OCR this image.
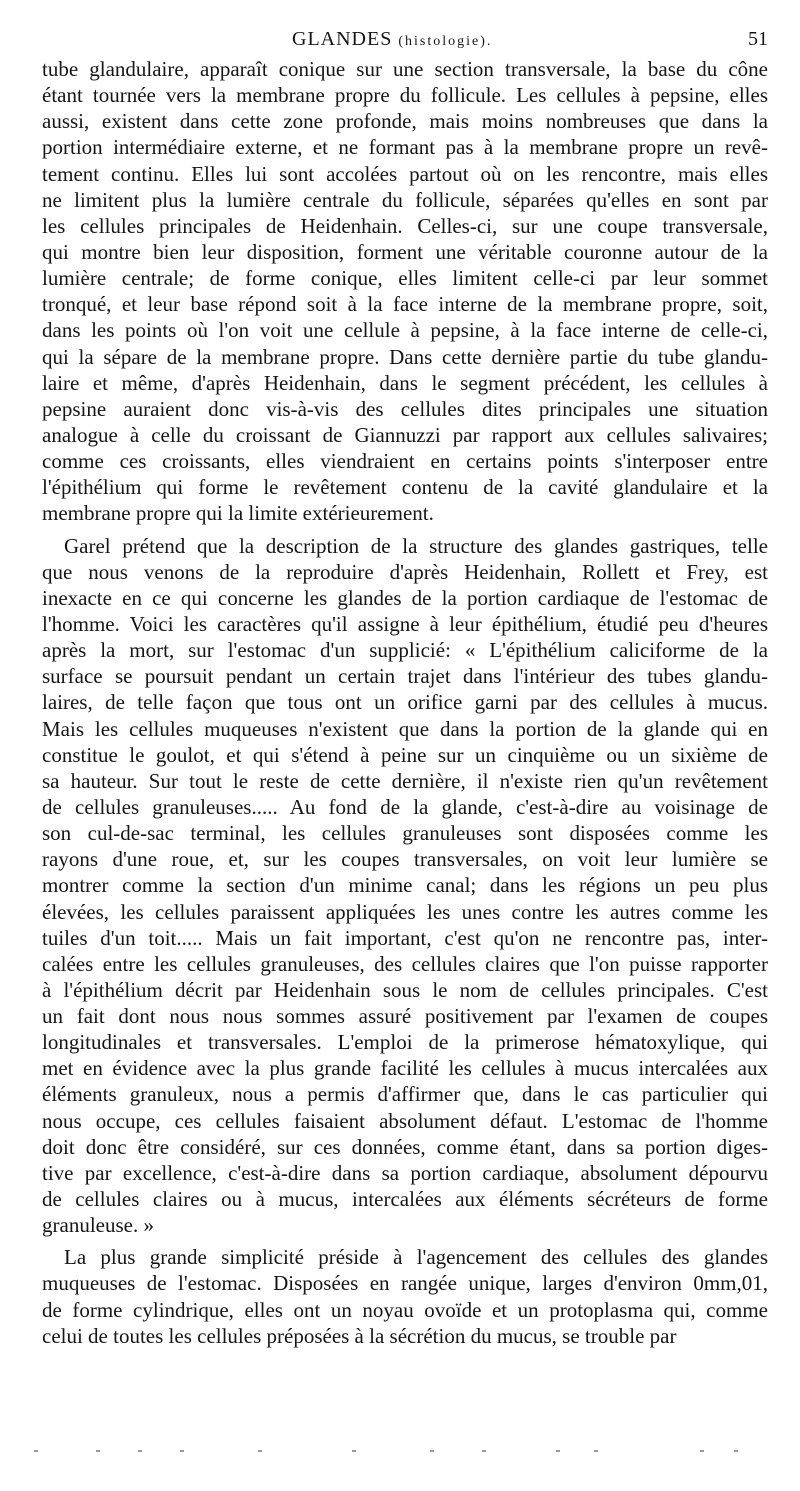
GLANDES (histologie).	51
tube glandulaire, apparaît conique sur une section transversale, la base du cône
étant tournée vers la membrane propre du follicule. Les cellules à pepsine, elles
aussi, existent dans cette zone profonde, mais moins nombreuses que dans la
portion intermédiaire externe, et ne formant pas à la membrane propre un revê-
tement continu. Elles lui sont accolées partout où on les rencontre, mais elles
ne limitent plus la lumière centrale du follicule, séparées qu'elles en sont par
les cellules principales de Heidenhain. Celles-ci, sur une coupe transversale,
qui montre bien leur disposition, forment une véritable couronne autour de la
lumière centrale; de forme conique, elles limitent celle-ci par leur sommet
tronqué, et leur base répond soit à la face interne de la membrane propre, soit,
dans les points où l'on voit une cellule à pepsine, à la face interne de celle-ci,
qui la sépare de la membrane propre. Dans cette dernière partie du tube glandu-
laire et même, d'après Heidenhain, dans le segment précédent, les cellules à
pepsine auraient donc vis-à-vis des cellules dites principales une situation
analogue à celle du croissant de Giannuzzi par rapport aux cellules salivaires;
comme ces croissants, elles viendraient en certains points s'interposer entre
l'épithélium qui forme le revêtement contenu de la cavité glandulaire et la
membrane propre qui la limite extérieurement.
Garel prétend que la description de la structure des glandes gastriques, telle
que nous venons de la reproduire d'après Heidenhain, Rollett et Frey, est
inexacte en ce qui concerne les glandes de la portion cardiaque de l'estomac de
l'homme. Voici les caractères qu'il assigne à leur épithélium, étudié peu d'heures
après la mort, sur l'estomac d'un supplicié: « L'épithélium caliciforme de la
surface se poursuit pendant un certain trajet dans l'intérieur des tubes glandu-
laires, de telle façon que tous ont un orifice garni par des cellules à mucus.
Mais les cellules muqueuses n'existent que dans la portion de la glande qui en
constitue le goulot, et qui s'étend à peine sur un cinquième ou un sixième de
sa hauteur. Sur tout le reste de cette dernière, il n'existe rien qu'un revêtement
de cellules granuleuses..... Au fond de la glande, c'est-à-dire au voisinage de
son cul-de-sac terminal, les cellules granuleuses sont disposées comme les
rayons d'une roue, et, sur les coupes transversales, on voit leur lumière se
montrer comme la section d'un minime canal; dans les régions un peu plus
élevées, les cellules paraissent appliquées les unes contre les autres comme les
tuiles d'un toit..... Mais un fait important, c'est qu'on ne rencontre pas, inter-
calées entre les cellules granuleuses, des cellules claires que l'on puisse rapporter
à l'épithélium décrit par Heidenhain sous le nom de cellules principales. C'est
un fait dont nous nous sommes assuré positivement par l'examen de coupes
longitudinales et transversales. L'emploi de la primerose hématoxylique, qui
met en évidence avec la plus grande facilité les cellules à mucus intercalées aux
éléments granuleux, nous a permis d'affirmer que, dans le cas particulier qui
nous occupe, ces cellules faisaient absolument défaut. L'estomac de l'homme
doit donc être considéré, sur ces données, comme étant, dans sa portion diges-
tive par excellence, c'est-à-dire dans sa portion cardiaque, absolument dépourvu
de cellules claires ou à mucus, intercalées aux éléments sécréteurs de forme
granuleuse. »
La plus grande simplicité préside à l'agencement des cellules des glandes
muqueuses de l'estomac. Disposées en rangée unique, larges d'environ 0mm,01,
de forme cylindrique, elles ont un noyau ovoïde et un protoplasma qui, comme
celui de toutes les cellules préposées à la sécrétion du mucus, se trouble par
